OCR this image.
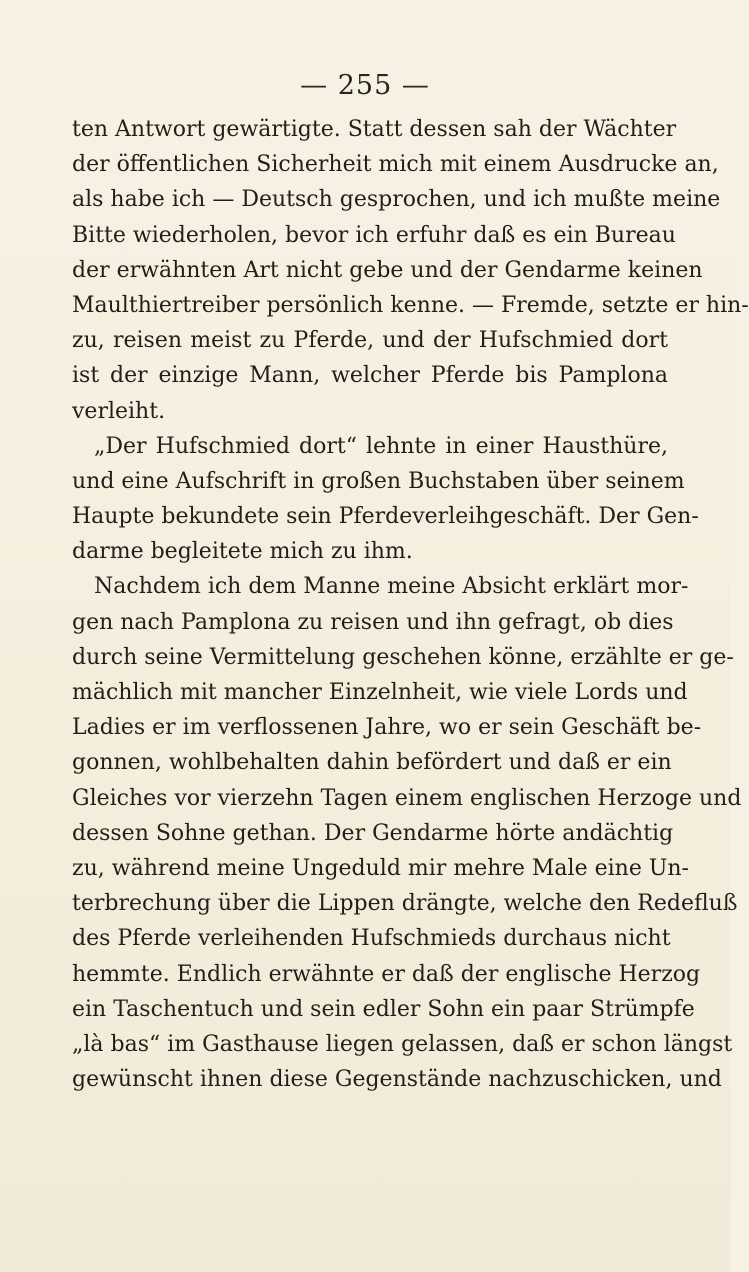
— 255 —
ten Antwort gewärtigte. Statt dessen sah der Wächter
der öffentlichen Sicherheit mich mit einem Ausdrucke an,
als habe ich — Deutsch gesprochen, und ich mußte meine
Bitte wiederholen, bevor ich erfuhr daß es ein Bureau
der erwähnten Art nicht gebe und der Gendarme keinen
Maulthiertreiber persönlich kenne. — Fremde, setzte er hin-
zu, reisen meist zu Pferde, und der Hufschmied dort
ist der einzige Mann, welcher Pferde bis Pamplona
verleiht.
„Der Hufschmied dort“ lehnte in einer Hausthüre,
und eine Aufschrift in großen Buchstaben über seinem
Haupte bekundete sein Pferdeverleihgeschäft. Der Gen-
darme begleitete mich zu ihm.
Nachdem ich dem Manne meine Absicht erklärt mor-
gen nach Pamplona zu reisen und ihn gefragt, ob dies
durch seine Vermittelung geschehen könne, erzählte er ge-
mächlich mit mancher Einzelnheit, wie viele Lords und
Ladies er im verflossenen Jahre, wo er sein Geschäft be-
gonnen, wohlbehalten dahin befördert und daß er ein
Gleiches vor vierzehn Tagen einem englischen Herzoge und
dessen Sohne gethan. Der Gendarme hörte andächtig
zu, während meine Ungeduld mir mehre Male eine Un-
terbrechung über die Lippen drängte, welche den Redefluß
des Pferde verleihenden Hufschmieds durchaus nicht
hemmte. Endlich erwähnte er daß der englische Herzog
ein Taschentuch und sein edler Sohn ein paar Strümpfe
„là bas“ im Gasthause liegen gelassen, daß er schon längst
gewünscht ihnen diese Gegenstände nachzuschicken, und
